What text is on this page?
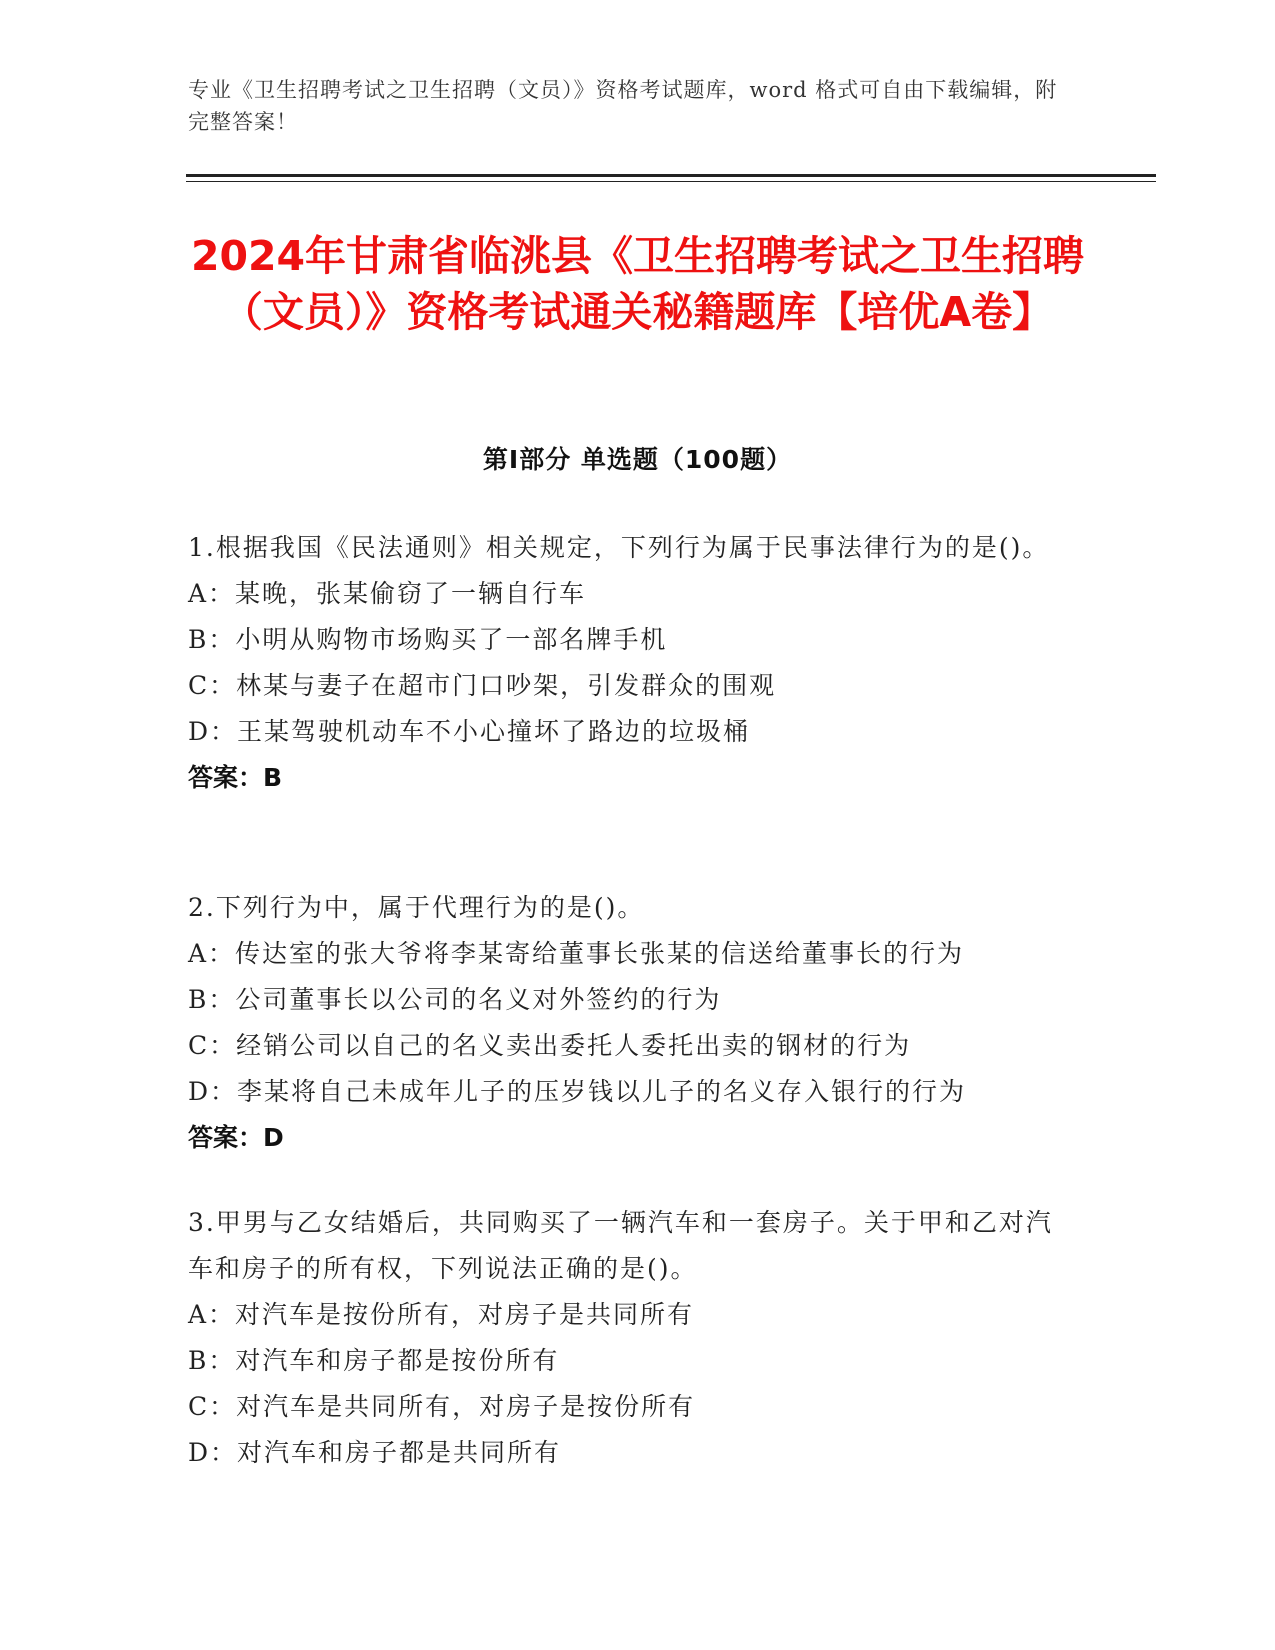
专业《卫生招聘考试之卫生招聘（文员）》资格考试题库，word 格式可自由下载编辑，附完整答案！
2024年甘肃省临洮县《卫生招聘考试之卫生招聘（文员）》资格考试通关秘籍题库【培优A卷】
第Ⅰ部分 单选题（100题）
1.根据我国《民法通则》相关规定，下列行为属于民事法律行为的是()。
A：某晚，张某偷窃了一辆自行车
B：小明从购物市场购买了一部名牌手机
C：林某与妻子在超市门口吵架，引发群众的围观
D：王某驾驶机动车不小心撞坏了路边的垃圾桶
答案：B
2.下列行为中，属于代理行为的是()。
A：传达室的张大爷将李某寄给董事长张某的信送给董事长的行为
B：公司董事长以公司的名义对外签约的行为
C：经销公司以自己的名义卖出委托人委托出卖的钢材的行为
D：李某将自己未成年儿子的压岁钱以儿子的名义存入银行的行为
答案：D
3.甲男与乙女结婚后，共同购买了一辆汽车和一套房子。关于甲和乙对汽车和房子的所有权，下列说法正确的是()。
A：对汽车是按份所有，对房子是共同所有
B：对汽车和房子都是按份所有
C：对汽车是共同所有，对房子是按份所有
D：对汽车和房子都是共同所有
